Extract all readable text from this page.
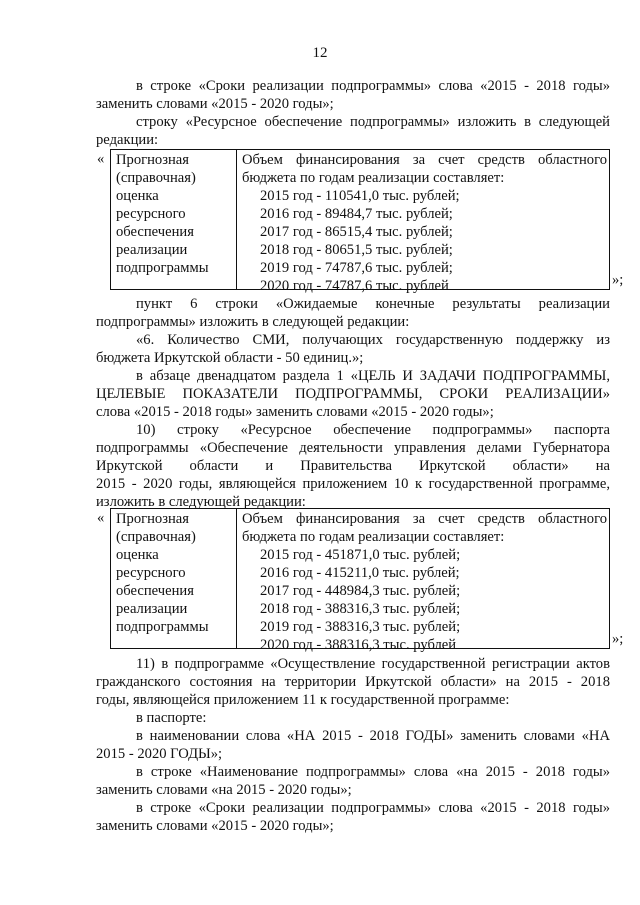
12
в строке «Сроки реализации подпрограммы» слова «2015 - 2018 годы»
заменить словами «2015 - 2020 годы»;
строку «Ресурсное обеспечение подпрограммы» изложить в следующей
редакции:
« Прогнозная
(справочная)
оценка
ресурсного
обеспечения
реализации
подпрограммы
Объем финансирования за счет средств областного
бюджета по годам реализации составляет:
2015 год - 110541,0 тыс. рублей;
2016 год - 89484,7 тыс. рублей;
2017 год - 86515,4 тыс. рублей;
2018 год - 80651,5 тыс. рублей;
2019 год - 74787,6 тыс. рублей;
2020 год - 74787,6 тыс. рублей	»;
пункт 6 строки «Ожидаемые конечные результаты реализации
подпрограммы» изложить в следующей редакции:
«6. Количество СМИ, получающих государственную поддержку из
бюджета Иркутской области - 50 единиц.»;
в абзаце двенадцатом раздела 1 «ЦЕЛЬ И ЗАДАЧИ ПОДПРОГРАММЫ,
ЦЕЛЕВЫЕ ПОКАЗАТЕЛИ ПОДПРОГРАММЫ, СРОКИ РЕАЛИЗАЦИИ»
слова «2015 - 2018 годы» заменить словами «2015 - 2020 годы»;
10) строку «Ресурсное обеспечение подпрограммы» паспорта
подпрограммы «Обеспечение деятельности управления делами Губернатора
Иркутской области и Правительства Иркутской области» на
2015 - 2020 годы, являющейся приложением 10 к государственной программе,
изложить в следующей редакции:
« Прогнозная
(справочная)
оценка
ресурсного
обеспечения
реализации
подпрограммы
Объем финансирования за счет средств областного
бюджета по годам реализации составляет:
2015 год - 451871,0 тыс. рублей;
2016 год - 415211,0 тыс. рублей;
2017 год - 448984,3 тыс. рублей;
2018 год - 388316,3 тыс. рублей;
2019 год - 388316,3 тыс. рублей;
2020 год - 388316,3 тыс. рублей	»;
11) в подпрограмме «Осуществление государственной регистрации актов
гражданского состояния на территории Иркутской области» на 2015 - 2018
годы, являющейся приложением 11 к государственной программе:
в паспорте:
в наименовании слова «НА 2015 - 2018 ГОДЫ» заменить словами «НА
2015 - 2020 ГОДЫ»;
в строке «Наименование подпрограммы» слова «на 2015 - 2018 годы»
заменить словами «на 2015 - 2020 годы»;
в строке «Сроки реализации подпрограммы» слова «2015 - 2018 годы»
заменить словами «2015 - 2020 годы»;
